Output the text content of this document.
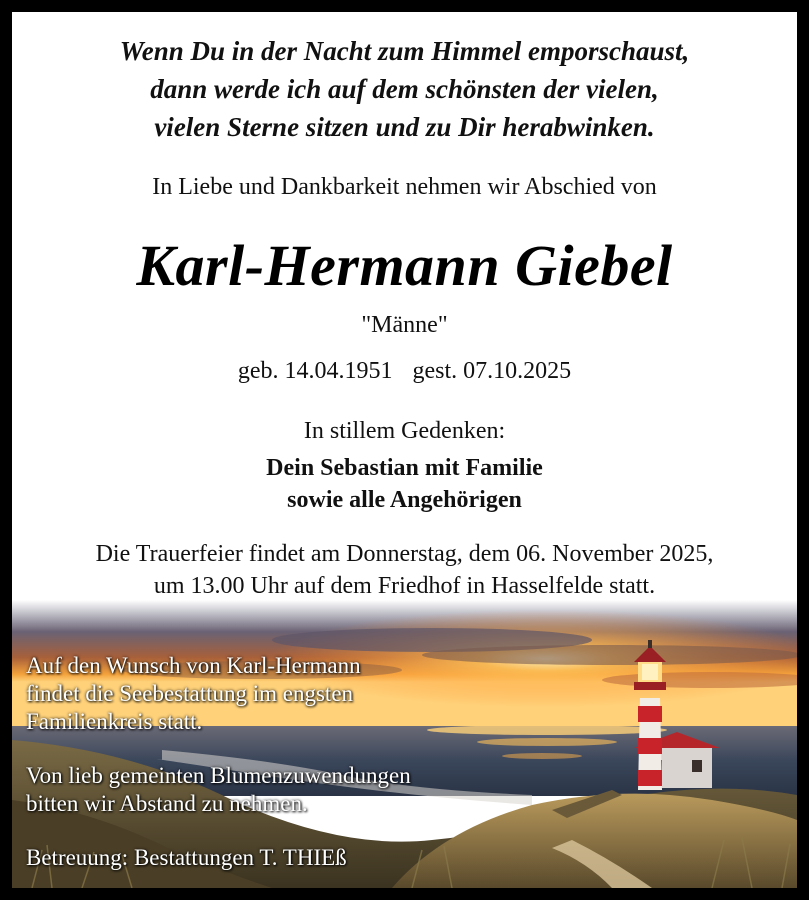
Wenn Du in der Nacht zum Himmel emporschaust,
dann werde ich auf dem schönsten der vielen,
vielen Sterne sitzen und zu Dir herabwinken.
In Liebe und Dankbarkeit nehmen wir Abschied von
Karl-Hermann Giebel
"Männe"
geb. 14.04.1951 gest. 07.10.2025
In stillem Gedenken:
Dein Sebastian mit Familie
sowie alle Angehörigen
Die Trauerfeier findet am Donnerstag, dem 06. November 2025,
um 13.00 Uhr auf dem Friedhof in Hasselfelde statt.
Auf den Wunsch von Karl-Hermann
findet die Seebestattung im engsten
Familienkreis statt.
Von lieb gemeinten Blumenzuwendungen
bitten wir Abstand zu nehmen.
Betreuung: Bestattungen T. THIEß
